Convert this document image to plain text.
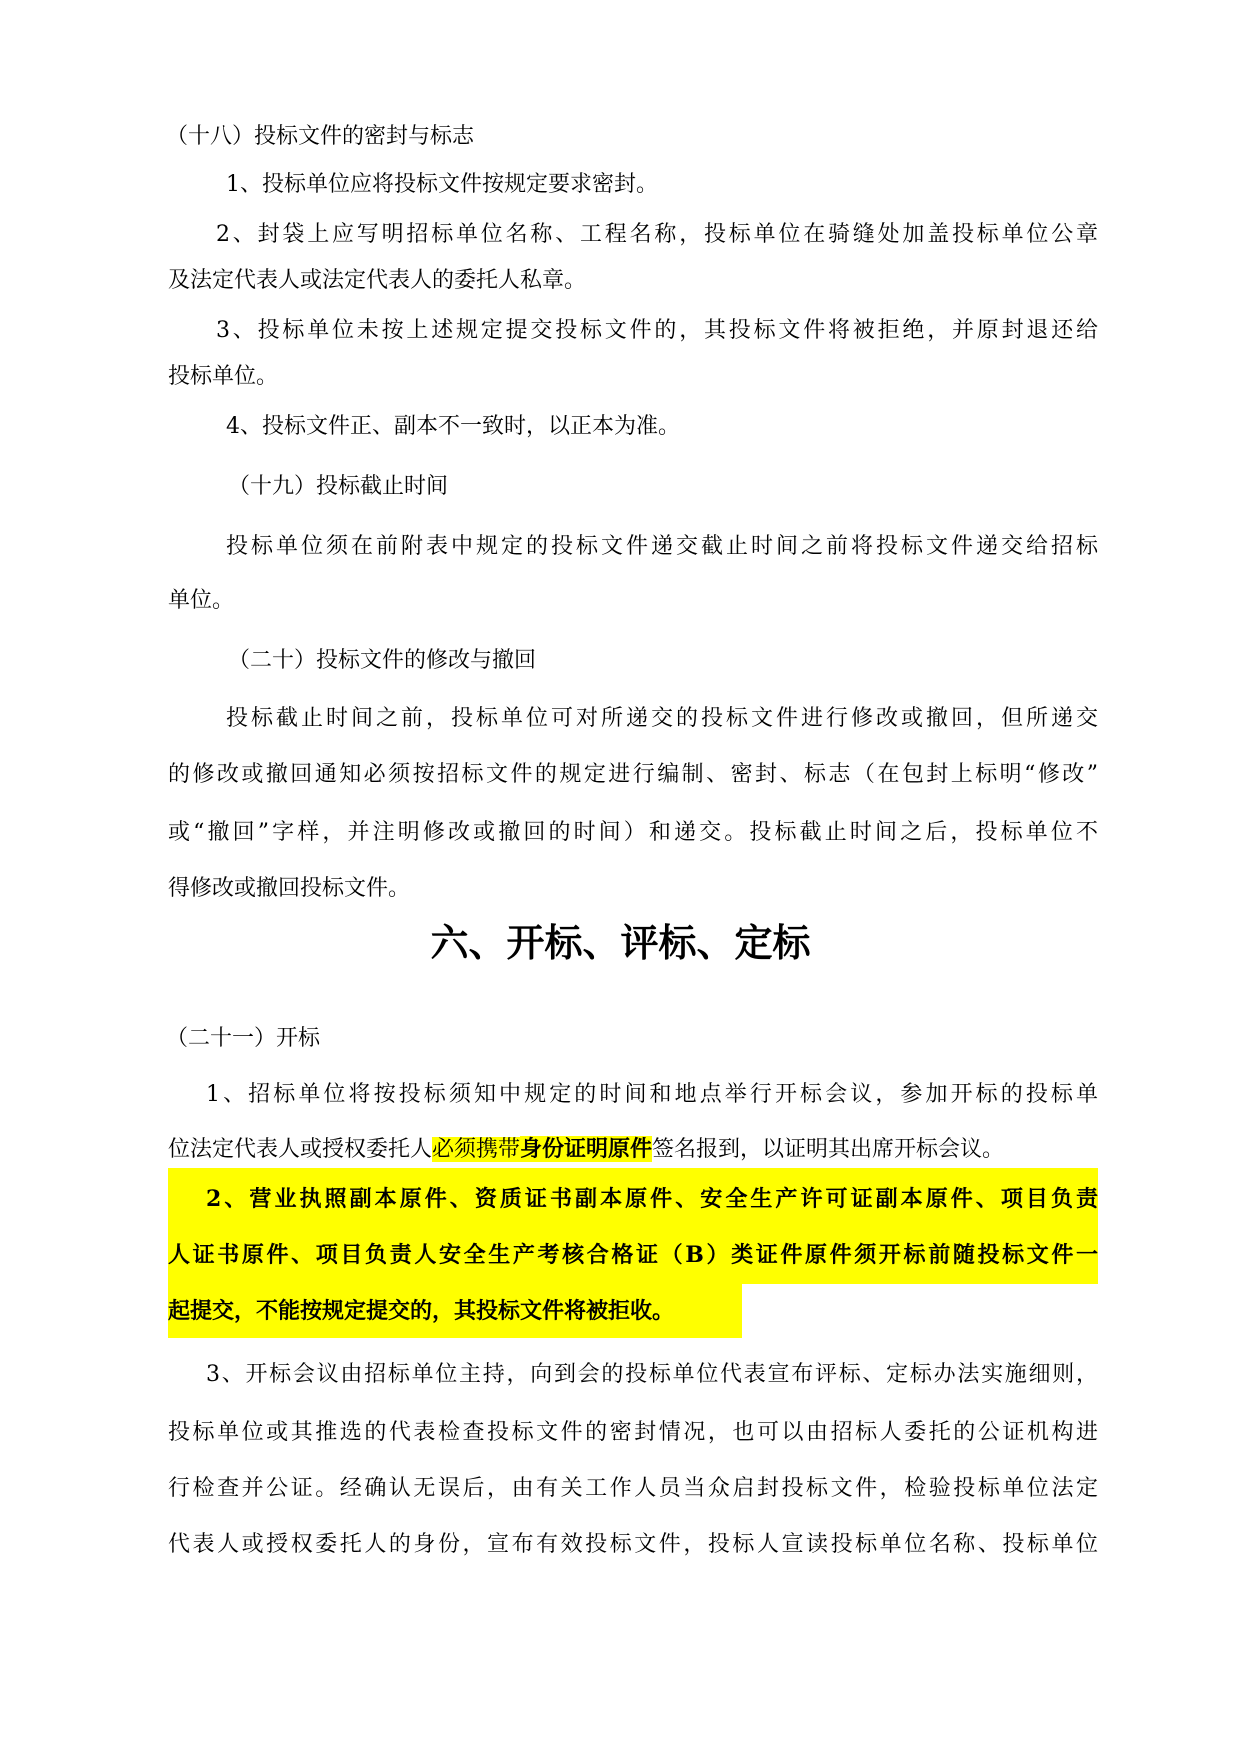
（十八）投标文件的密封与标志
1、投标单位应将投标文件按规定要求密封。
2、封袋上应写明招标单位名称、工程名称，投标单位在骑缝处加盖投标单位公章
及法定代表人或法定代表人的委托人私章。
3、投标单位未按上述规定提交投标文件的，其投标文件将被拒绝，并原封退还给
投标单位。
4、投标文件正、副本不一致时，以正本为准。
（十九）投标截止时间
投标单位须在前附表中规定的投标文件递交截止时间之前将投标文件递交给招标
单位。
（二十）投标文件的修改与撤回
投标截止时间之前，投标单位可对所递交的投标文件进行修改或撤回，但所递交
的修改或撤回通知必须按招标文件的规定进行编制、密封、标志（在包封上标明“修改”
或“撤回”字样，并注明修改或撤回的时间）和递交。投标截止时间之后，投标单位不
得修改或撤回投标文件。
六、开标、评标、定标
（二十一）开标
1、招标单位将按投标须知中规定的时间和地点举行开标会议，参加开标的投标单
位法定代表人或授权委托人必须携带身份证明原件签名报到，以证明其出席开标会议。
2、营业执照副本原件、资质证书副本原件、安全生产许可证副本原件、项目负责
人证书原件、项目负责人安全生产考核合格证（B）类证件原件须开标前随投标文件一
起提交，不能按规定提交的，其投标文件将被拒收。
3、开标会议由招标单位主持，向到会的投标单位代表宣布评标、定标办法实施细则，
投标单位或其推选的代表检查投标文件的密封情况，也可以由招标人委托的公证机构进
行检查并公证。经确认无误后，由有关工作人员当众启封投标文件，检验投标单位法定
代表人或授权委托人的身份，宣布有效投标文件，投标人宣读投标单位名称、投标单位
